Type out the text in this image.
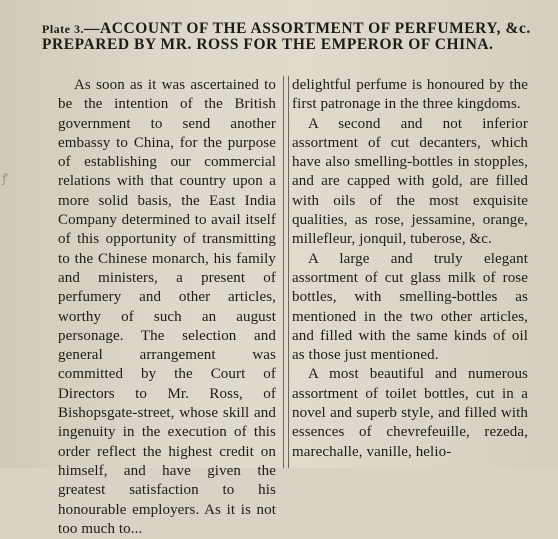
ꝭ
Plate 3.—ACCOUNT OF THE ASSORTMENT OF PERFUMERY, &c. PREPARED BY MR. ROSS FOR THE EMPEROR OF CHINA.

As soon as it was ascertained to be the intention of the British government to send another embassy to China, for the purpose of establishing our commercial relations with that country upon a more solid basis, the East India Company determined to avail itself of this opportunity of transmitting to the Chinese monarch, his family and ministers, a present of perfumery and other articles, worthy of such an august personage. The selection and general arrangement was committed by the Court of Directors to Mr. Ross, of Bishopsgate-street, whose skill and ingenuity in the execution of this order reflect the highest credit on himself, and have given the greatest satisfaction to his honourable employers. As it is not too much to...

delightful perfume is honoured by the first patronage in the three kingdoms.

A second and not inferior assortment of cut decanters, which have also smelling-bottles in stopples, and are capped with gold, are filled with oils of the most exquisite qualities, as rose, jessamine, orange, millefleur, jonquil, tuberose, &c.

A large and truly elegant assortment of cut glass milk of rose bottles, with smelling-bottles as mentioned in the two other articles, and filled with the same kinds of oil as those just mentioned.

A most beautiful and numerous assortment of toilet bottles, cut in a novel and superb style, and filled with essences of chevrefeuille, rezeda, marechalle, vanille, helio-
